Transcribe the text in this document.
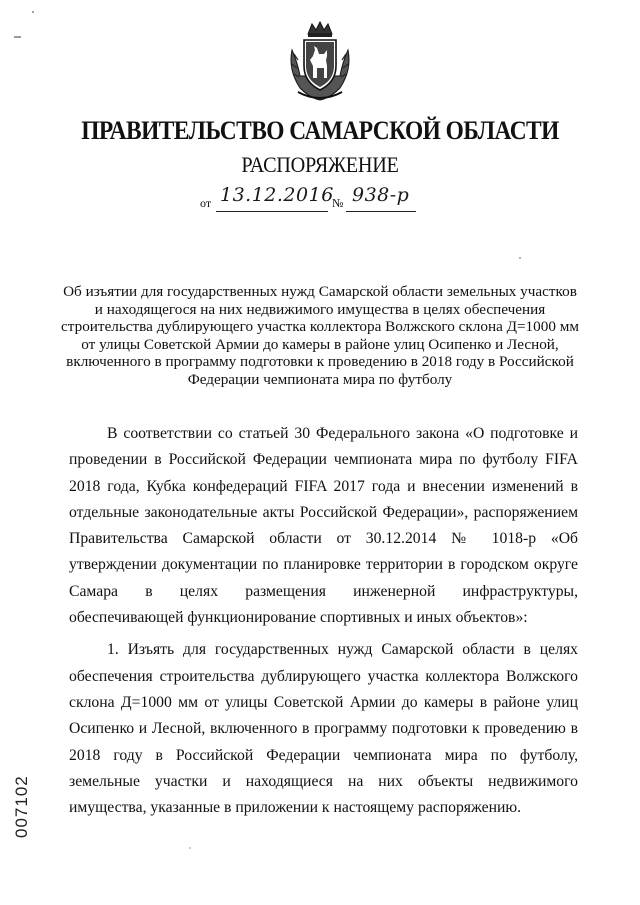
ПРАВИТЕЛЬСТВО САМАРСКОЙ ОБЛАСТИ
РАСПОРЯЖЕНИЕ
от 13.12.2016
№ 938-р
Об изъятии для государственных нужд Самарской области земельных участков и находящегося на них недвижимого имущества в целях обеспечения строительства дублирующего участка коллектора Волжского склона Д=1000 мм от улицы Советской Армии до камеры в районе улиц Осипенко и Лесной, включенного в программу подготовки к проведению в 2018 году в Российской Федерации чемпионата мира по футболу

В соответствии со статьей 30 Федерального закона «О подготовке и проведении в Российской Федерации чемпионата мира по футболу FIFA 2018 года, Кубка конфедераций FIFA 2017 года и внесении изменений в отдельные законодательные акты Российской Федерации», распоряжением Правительства Самарской области от 30.12.2014 № 1018-р «Об утверждении документации по планировке территории в городском округе Самара в целях размещения инженерной инфраструктуры, обеспечивающей функционирование спортивных и иных объектов»:

1. Изъять для государственных нужд Самарской области в целях обеспечения строительства дублирующего участка коллектора Волжского склона Д=1000 мм от улицы Советской Армии до камеры в районе улиц Осипенко и Лесной, включенного в программу подготовки к проведению в 2018 году в Российской Федерации чемпионата мира по футболу, земельные участки и находящиеся на них объекты недвижимого имущества, указанные в приложении к настоящему распоряжению.

007102
